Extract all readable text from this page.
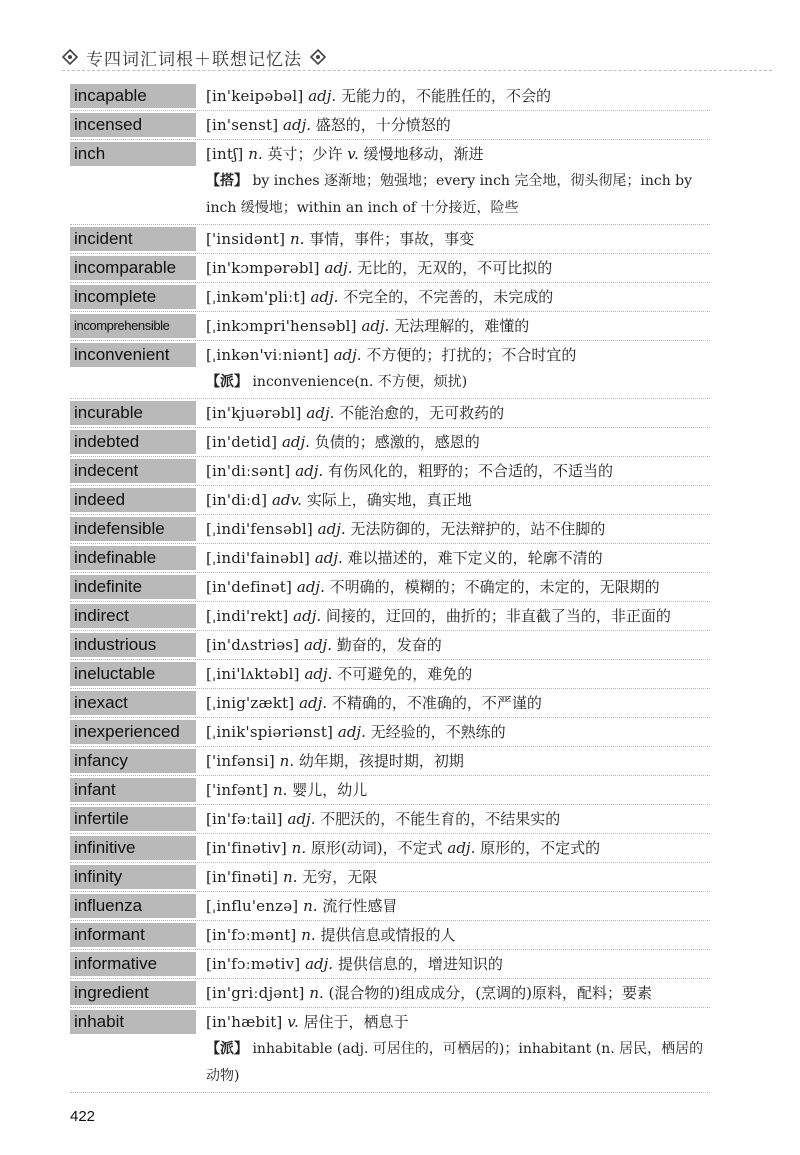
专四词汇词根＋联想记忆法
incapable	[in'keipəbəl] adj. 无能力的，不能胜任的，不会的
incensed	[in'senst] adj. 盛怒的，十分愤怒的
inch	[intʃ] n. 英寸；少许 v. 缓慢地移动，渐进
【 搭 】 by inches 逐渐地；勉强地；every inch 完全地，彻头彻尾；inch by inch 缓慢地；within an inch of 十分接近，险些
incident	['insidənt] n. 事情，事件；事故，事变
incomparable	[in'kɔmpərəbl] adj. 无比的，无双的，不可比拟的
incomplete	[ˌinkəm'pliːt] adj. 不完全的，不完善的，未完成的
incomprehensible	[ˌinkɔmpri'hensəbl] adj. 无法理解的，难懂的
inconvenient	[ˌinkən'viːniənt] adj. 不方便的；打扰的；不合时宜的
【 派 】 inconvenience(n. 不方便，烦扰)
incurable	[in'kjuərəbl] adj. 不能治愈的，无可救药的
indebted	[in'detid] adj. 负债的；感激的，感恩的
indecent	[in'diːsənt] adj. 有伤风化的，粗野的；不合适的，不适当的
indeed	[in'diːd] adv. 实际上，确实地，真正地
indefensible	[ˌindi'fensəbl] adj. 无法防御的，无法辩护的，站不住脚的
indefinable	[ˌindi'fainəbl] adj. 难以描述的，难下定义的，轮廓不清的
indefinite	[in'definət] adj. 不明确的，模糊的；不确定的，未定的，无限期的
indirect	[ˌindi'rekt] adj. 间接的，迂回的，曲折的；非直截了当的，非正面的
industrious	[in'dʌstriəs] adj. 勤奋的，发奋的
ineluctable	[ˌini'lʌktəbl] adj. 不可避免的，难免的
inexact	[ˌinig'zækt] adj. 不精确的，不准确的，不严谨的
inexperienced	[ˌinik'spiəriənst] adj. 无经验的，不熟练的
infancy	['infənsi] n. 幼年期，孩提时期，初期
infant	['infənt] n. 婴儿，幼儿
infertile	[in'fəːtail] adj. 不肥沃的，不能生育的，不结果实的
infinitive	[in'finətiv] n. 原形(动词)，不定式 adj. 原形的，不定式的
infinity	[in'finəti] n. 无穷，无限
influenza	[ˌinflu'enzə] n. 流行性感冒
informant	[in'fɔːmənt] n. 提供信息或情报的人
informative	[in'fɔːmətiv] adj. 提供信息的，增进知识的
ingredient	[in'griːdjənt] n. (混合物的)组成成分，(烹调的)原料，配料；要素
inhabit	[in'hæbit] v. 居住于，栖息于
【 派 】 inhabitable (adj. 可居住的，可栖居的)；inhabitant (n. 居民，栖居的动物)
422
